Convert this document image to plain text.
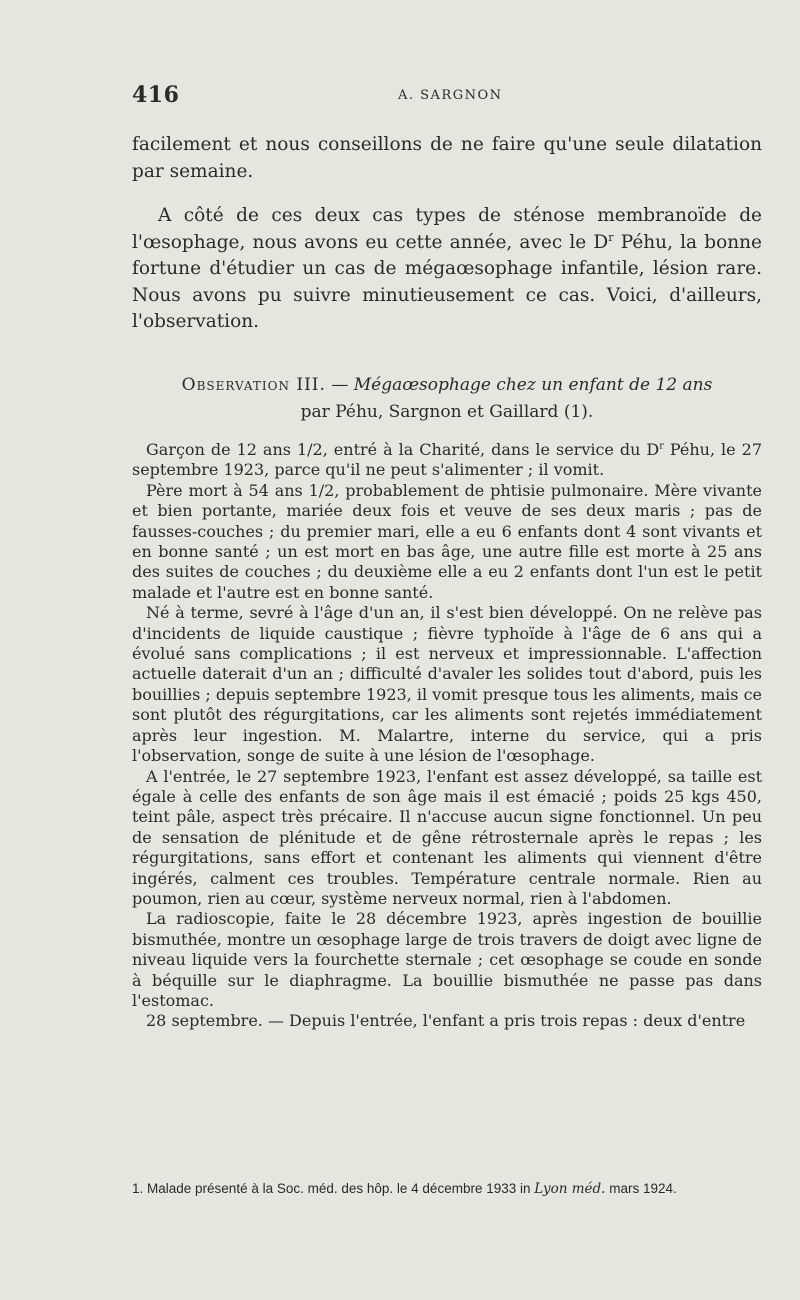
416	A. SARGNON

facilement et nous conseillons de ne faire qu'une seule dilatation par semaine.

A côté de ces deux cas types de sténose membranoïde de l'œsophage, nous avons eu cette année, avec le $D^r$ Péhu, la bonne fortune d'étudier un cas de mégaœsophage infantile, lésion rare. Nous avons pu suivre minutieusement ce cas. Voici, d'ailleurs, l'observation.

Observation III. — Mégaœsophage chez un enfant de 12 ans
par Péhu, Sargnon et Gaillard (1).

Garçon de 12 ans 1/2, entré à la Charité, dans le service du $D^r$ Péhu, le 27 septembre 1923, parce qu'il ne peut s'alimenter ; il vomit.

Père mort à 54 ans 1/2, probablement de phtisie pulmonaire. Mère vivante et bien portante, mariée deux fois et veuve de ses deux maris ; pas de fausses-couches ; du premier mari, elle a eu 6 enfants dont 4 sont vivants et en bonne santé ; un est mort en bas âge, une autre fille est morte à 25 ans des suites de couches ; du deuxième elle a eu 2 enfants dont l'un est le petit malade et l'autre est en bonne santé.

Né à terme, sevré à l'âge d'un an, il s'est bien développé. On ne relève pas d'incidents de liquide caustique ; fièvre typhoïde à l'âge de 6 ans qui a évolué sans complications ; il est nerveux et impressionnable. L'affection actuelle daterait d'un an ; difficulté d'avaler les solides tout d'abord, puis les bouillies ; depuis septembre 1923, il vomit presque tous les aliments, mais ce sont plutôt des régurgitations, car les aliments sont rejetés immédiatement après leur ingestion. M. Malartre, interne du service, qui a pris l'observation, songe de suite à une lésion de l'œsophage.

A l'entrée, le 27 septembre 1923, l'enfant est assez développé, sa taille est égale à celle des enfants de son âge mais il est émacié ; poids 25 kgs 450, teint pâle, aspect très précaire. Il n'accuse aucun signe fonctionnel. Un peu de sensation de plénitude et de gêne rétrosternale après le repas ; les régurgitations, sans effort et contenant les aliments qui viennent d'être ingérés, calment ces troubles. Température centrale normale. Rien au poumon, rien au cœur, système nerveux normal, rien à l'abdomen.

La radioscopie, faite le 28 décembre 1923, après ingestion de bouillie bismuthée, montre un œsophage large de trois travers de doigt avec ligne de niveau liquide vers la fourchette sternale ; cet œsophage se coude en sonde à béquille sur le diaphragme. La bouillie bismuthée ne passe pas dans l'estomac.

28 septembre. — Depuis l'entrée, l'enfant a pris trois repas : deux d'entre

1. Malade présenté à la Soc. méd. des hôp. le 4 décembre 1933 in Lyon méd. mars 1924.
